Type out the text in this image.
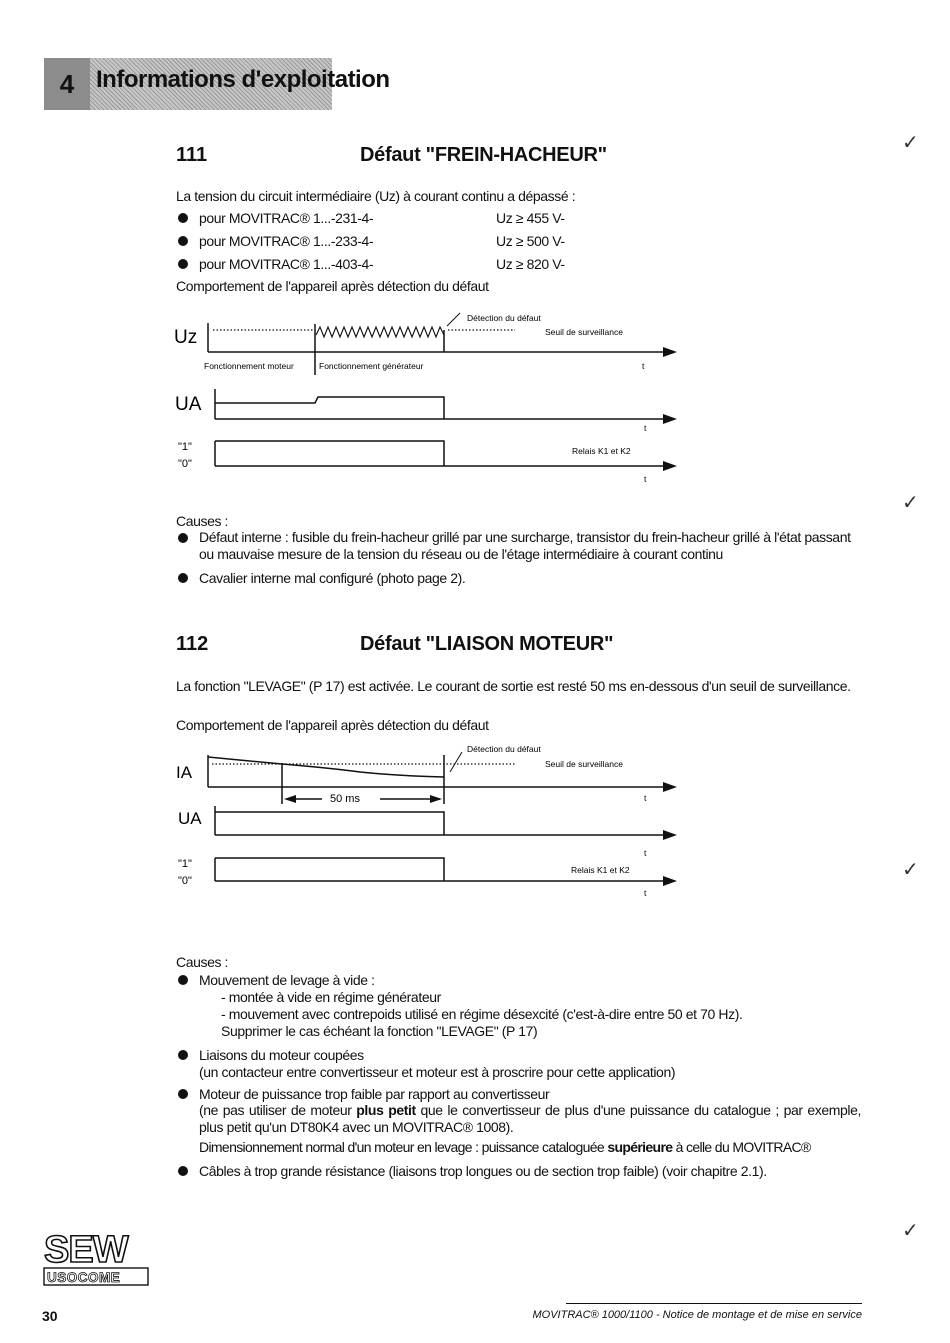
4 Informations d'exploitation
✓
✓
✓
✓
111	Défaut "FREIN-HACHEUR"
La tension du circuit intermédiaire (Uz) à courant continu a dépassé :
pour MOVITRAC® 1...-231-4-	Uz ≥ 455 V-
pour MOVITRAC® 1...-233-4-	Uz ≥ 500 V-
pour MOVITRAC® 1...-403-4-	Uz ≥ 820 V-
Comportement de l'appareil après détection du défaut
Uz
Détection du défaut
Seuil de surveillance
Fonctionnement moteur	Fonctionnement générateur	t
UA
t
"1"
"0"
Relais K1 et K2
t
Causes :
Défaut interne : fusible du frein-hacheur grillé par une surcharge, transistor du frein-hacheur grillé à l'état passant ou mauvaise mesure de la tension du réseau ou de l'étage intermédiaire à courant continu
Cavalier interne mal configuré (photo page 2).
112	Défaut "LIAISON MOTEUR"
La fonction "LEVAGE" (P 17) est activée. Le courant de sortie est resté 50 ms en-dessous d'un seuil de surveillance.
Comportement de l'appareil après détection du défaut
IA
Détection du défaut
Seuil de surveillance
50 ms	t
UA
t
"1"
"0"
Relais K1 et K2
t
Causes :
Mouvement de levage à vide :
- montée à vide en régime générateur
- mouvement avec contrepoids utilisé en régime désexcité (c'est-à-dire entre 50 et 70 Hz).
Supprimer le cas échéant la fonction "LEVAGE" (P 17)
Liaisons du moteur coupées
(un contacteur entre convertisseur et moteur est à proscrire pour cette application)
Moteur de puissance trop faible par rapport au convertisseur
(ne pas utiliser de moteur plus petit que le convertisseur de plus d'une puissance du catalogue ; par exemple, plus petit qu'un DT80K4 avec un MOVITRAC® 1008).
Dimensionnement normal d'un moteur en levage : puissance cataloguée supérieure à celle du MOVITRAC®
Câbles à trop grande résistance (liaisons trop longues ou de section trop faible) (voir chapitre 2.1).
SEW
USOCOME
30	MOVITRAC® 1000/1100 - Notice de montage et de mise en service
